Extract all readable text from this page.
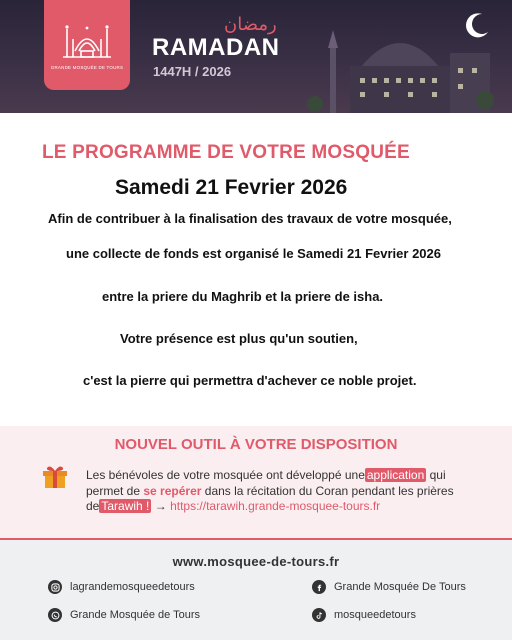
GRANDE MOSQUÉE DE TOURS
رمضان
RAMADAN
1447H / 2026
LE PROGRAMME DE VOTRE MOSQUÉE
Samedi 21 Fevrier 2026
Afin de contribuer à la finalisation des travaux de votre mosquée,
une collecte de fonds est organisé le Samedi 21 Fevrier 2026
entre la priere du Maghrib et la priere de isha.
Votre présence est plus qu'un soutien,
c'est la pierre qui permettra d'achever ce noble projet.
NOUVEL OUTIL À VOTRE DISPOSITION
Les bénévoles de votre mosquée ont développé une application qui permet de se repérer dans la récitation du Coran pendant les prières de Tarawih ! → https://tarawih.grande-mosquee-tours.fr
www.mosquee-de-tours.fr
lagrandemosqueedetours
Grande Mosquée de Tours
Grande Mosquée De Tours
mosqueedetours
